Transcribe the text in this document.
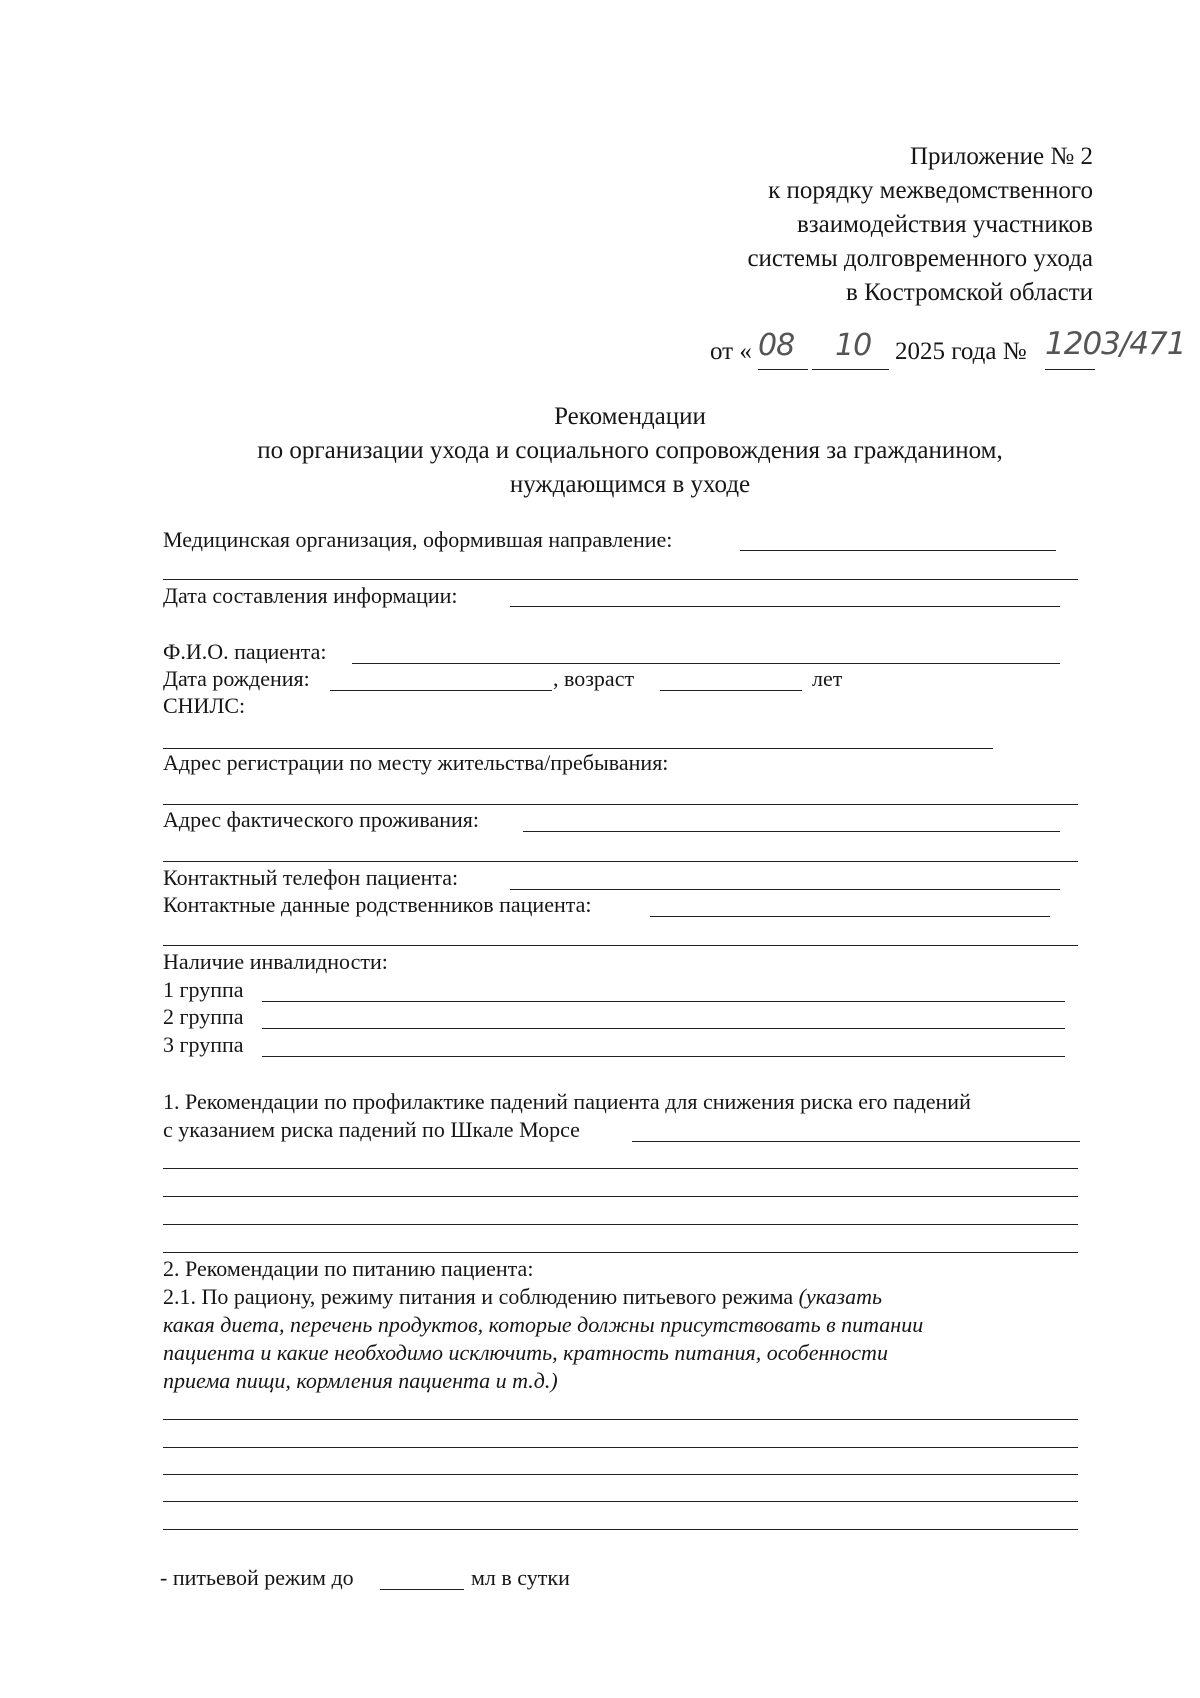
Приложение № 2
к порядку межведомственного
взаимодействия участников
системы долговременного ухода
в Костромской области
от « 08 10 2025 года № 1203/471
Рекомендации
по организации ухода и социального сопровождения за гражданином,
нуждающимся в уходе
Медицинская организация, оформившая направление:
Дата составления информации:
Ф.И.О. пациента:
Дата рождения:	, возраст	лет
СНИЛС:
Адрес регистрации по месту жительства/пребывания:
Адрес фактического проживания:
Контактный телефон пациента:
Контактные данные родственников пациента:
Наличие инвалидности:
1 группа
2 группа
3 группа
1. Рекомендации по профилактике падений пациента для снижения риска его падений
с указанием риска падений по Шкале Морсе
2. Рекомендации по питанию пациента:
2.1. По рациону, режиму питания и соблюдению питьевого режима (указать
какая диета, перечень продуктов, которые должны присутствовать в питании
пациента и какие необходимо исключить, кратность питания, особенности
приема пищи, кормления пациента и т.д.)
- питьевой режим до	мл в сутки
